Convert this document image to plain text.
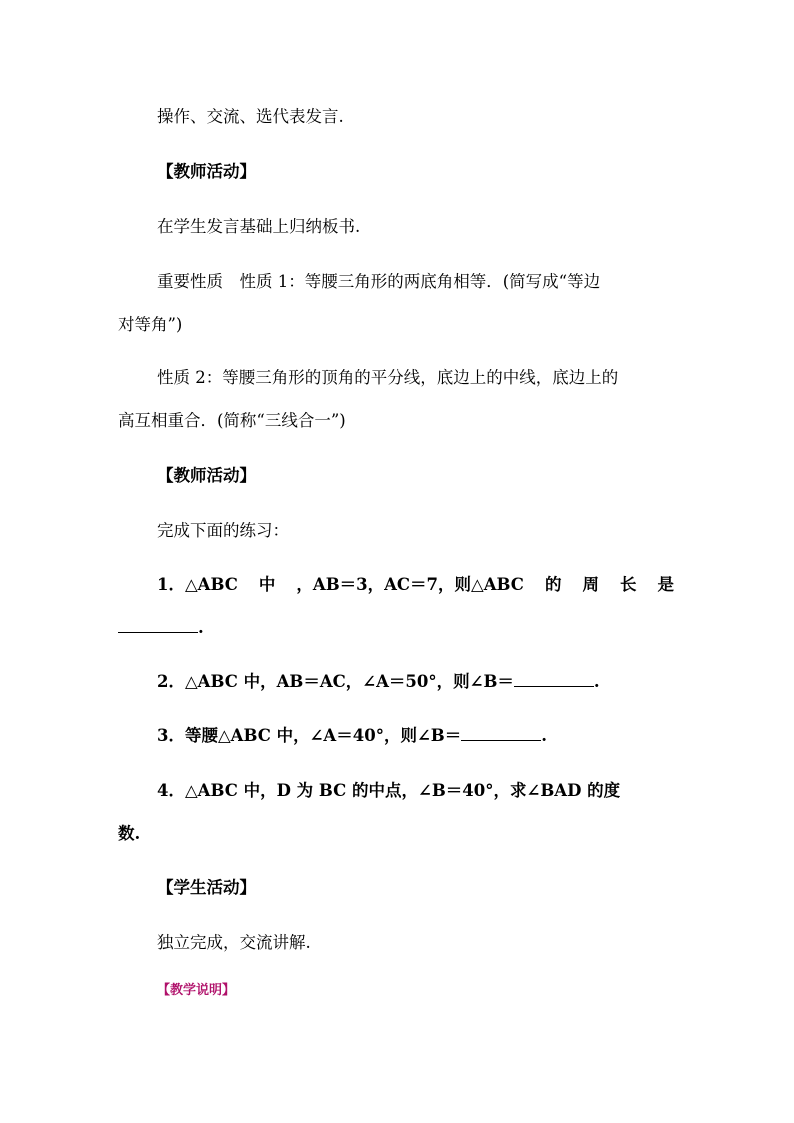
操作、交流、选代表发言.
【教师活动】
在学生发言基础上归纳板书.
重要性质　性质 1：等腰三角形的两底角相等．(简写成“等边
对等角”)
性质 2：等腰三角形的顶角的平分线，底边上的中线，底边上的
高互相重合．(简称“三线合一”)
【教师活动】
完成下面的练习：
1．△ABC 中 ，AB＝3，AC＝7，则△ABC 的 周 长 是
.
2．△ABC 中，AB＝AC，∠A＝50°，则∠B＝	.
3．等腰△ABC 中，∠A＝40°，则∠B＝	.
4．△ABC 中，D 为 BC 的中点，∠B＝40°，求∠BAD 的度
数.
【学生活动】
独立完成，交流讲解.
【教学说明】
